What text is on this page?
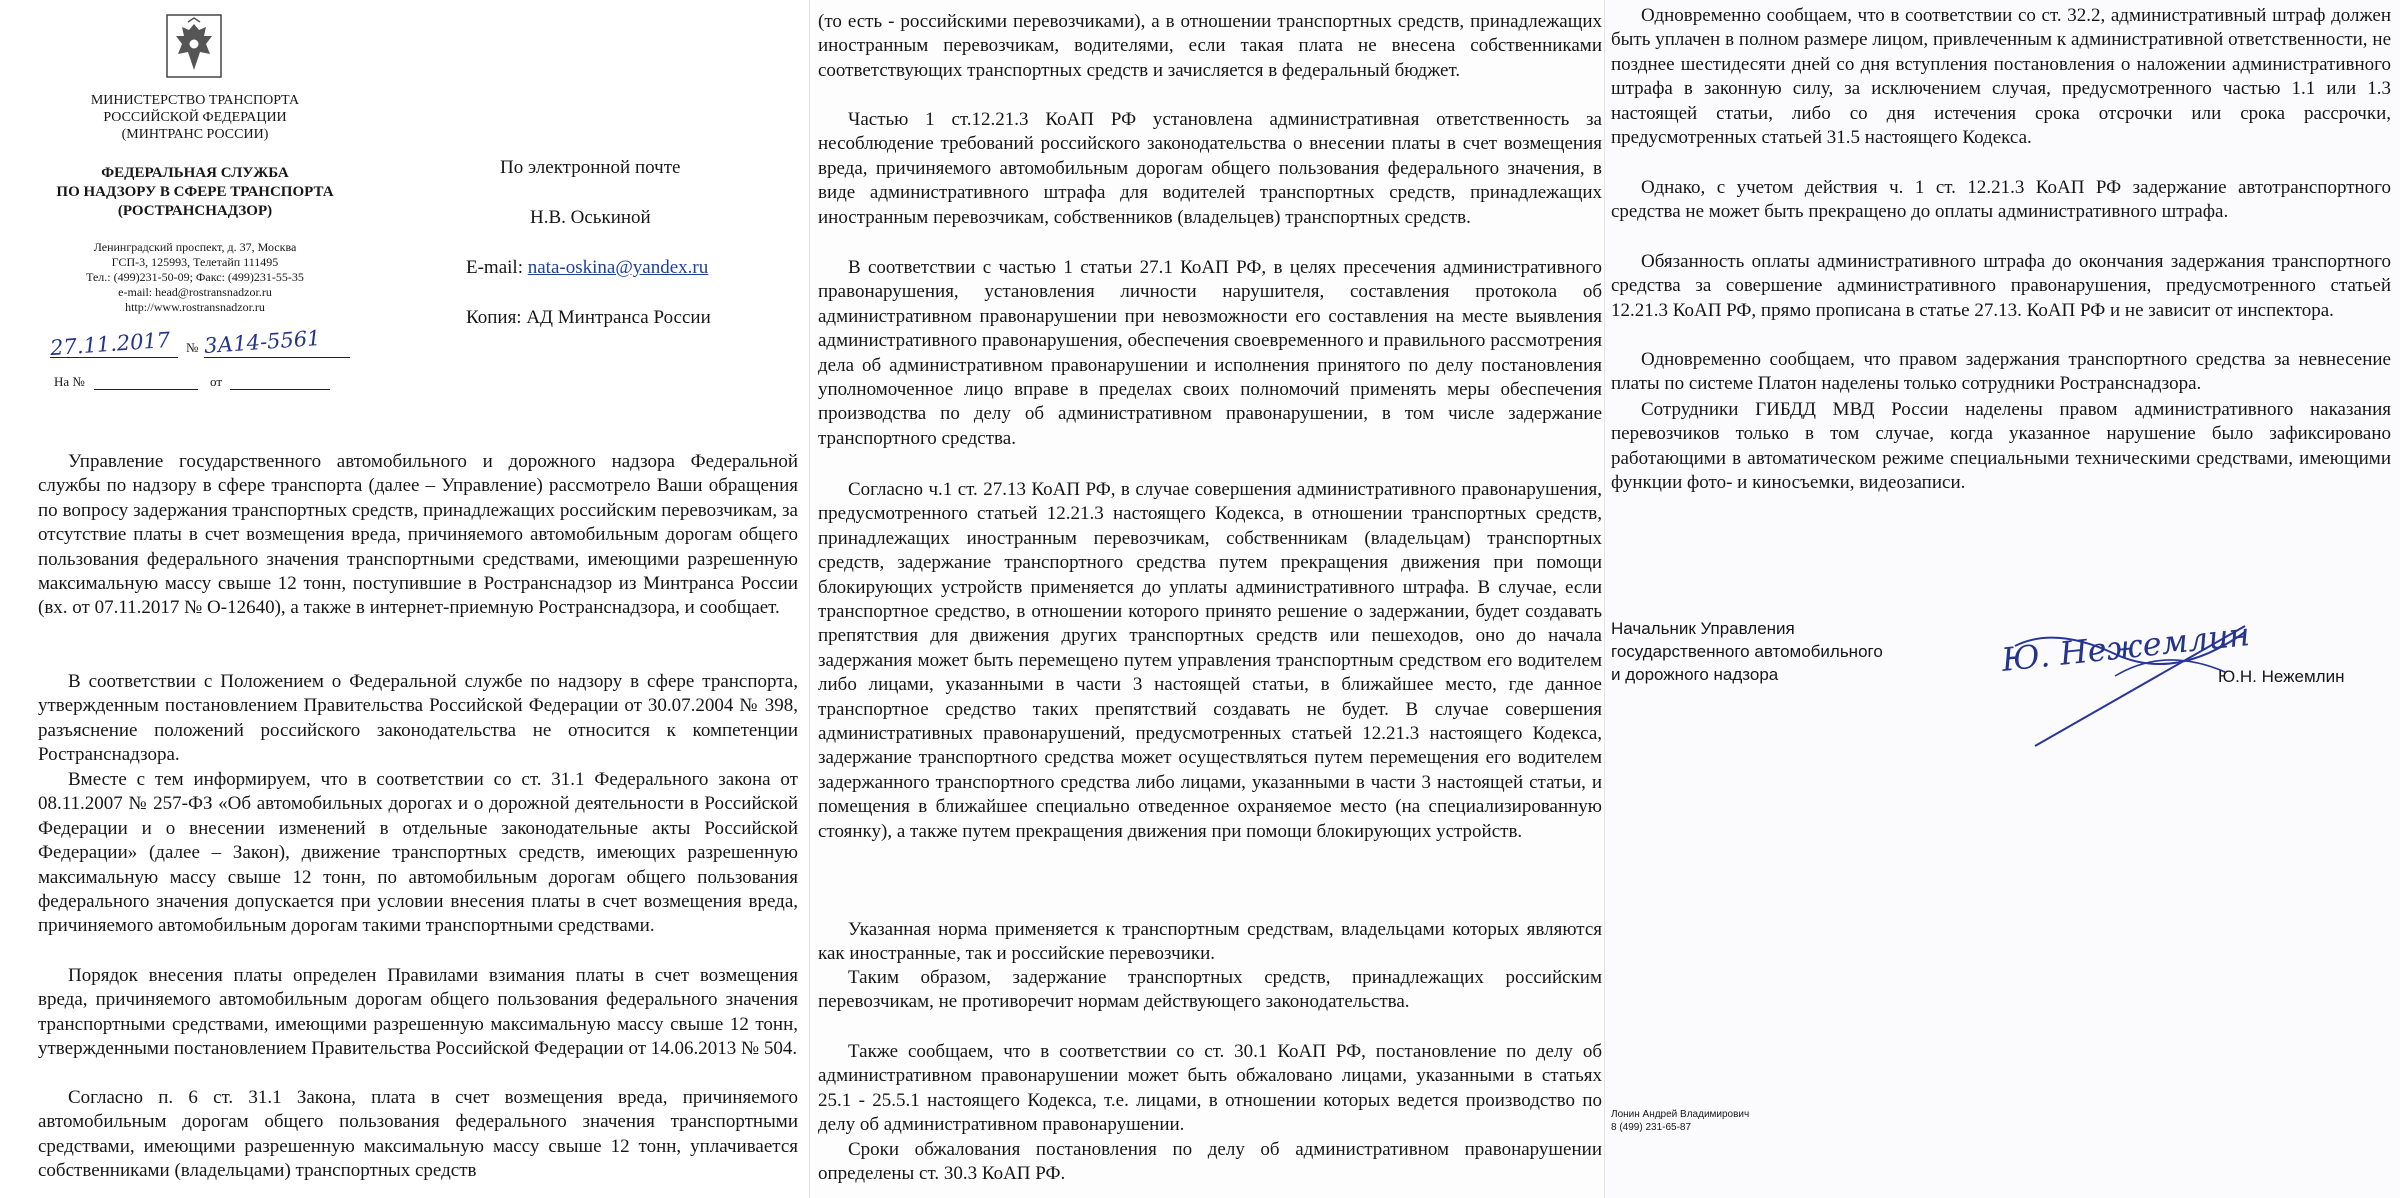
МИНИСТЕРСТВО ТРАНСПОРТА
РОССИЙСКОЙ ФЕДЕРАЦИИ
(МИНТРАНС РОССИИ)

ФЕДЕРАЛЬНАЯ СЛУЖБА
ПО НАДЗОРУ В СФЕРЕ ТРАНСПОРТА
(РОСТРАНСНАДЗОР)

Ленинградский проспект, д. 37, Москва
ГСП-3, 125993, Телетайп 111495
Тел.: (499)231-50-09; Факс: (499)231-55-35
e-mail: head@rostransnadzor.ru
http://www.rostransnadzor.ru

27.11.2017 № 3А14-5561
На №	от
По электронной почте
Н.В. Оськиной
E-mail: nata-oskina@yandex.ru
Копия: АД Минтранса России

Управление государственного автомобильного и дорожного надзора Федеральной службы по надзору в сфере транспорта (далее – Управление) рассмотрело Ваши обращения по вопросу задержания транспортных средств, принадлежащих российским перевозчикам, за отсутствие платы в счет возмещения вреда, причиняемого автомобильным дорогам общего пользования федерального значения транспортными средствами, имеющими разрешенную максимальную массу свыше 12 тонн, поступившие в Ространснадзор из Минтранса России (вх. от 07.11.2017 № О-12640), а также в интернет-приемную Ространснадзора, и сообщает.

В соответствии с Положением о Федеральной службе по надзору в сфере транспорта, утвержденным постановлением Правительства Российской Федерации от 30.07.2004 № 398, разъяснение положений российского законодательства не относится к компетенции Ространснадзора.

Вместе с тем информируем, что в соответствии со ст. 31.1 Федерального закона от 08.11.2007 № 257-ФЗ «Об автомобильных дорогах и о дорожной деятельности в Российской Федерации и о внесении изменений в отдельные законодательные акты Российской Федерации» (далее – Закон), движение транспортных средств, имеющих разрешенную максимальную массу свыше 12 тонн, по автомобильным дорогам общего пользования федерального значения допускается при условии внесения платы в счет возмещения вреда, причиняемого автомобильным дорогам такими транспортными средствами.

Порядок внесения платы определен Правилами взимания платы в счет возмещения вреда, причиняемого автомобильным дорогам общего пользования федерального значения транспортными средствами, имеющими разрешенную максимальную массу свыше 12 тонн, утвержденными постановлением Правительства Российской Федерации от 14.06.2013 № 504.

Согласно п. 6 ст. 31.1 Закона, плата в счет возмещения вреда, причиняемого автомобильным дорогам общего пользования федерального значения транспортными средствами, имеющими разрешенную максимальную массу свыше 12 тонн, уплачивается собственниками (владельцами) транспортных средств

(то есть - российскими перевозчиками), а в отношении транспортных средств, принадлежащих иностранным перевозчикам, водителями, если такая плата не внесена собственниками соответствующих транспортных средств и зачисляется в федеральный бюджет.

Частью 1 ст.12.21.3 КоАП РФ установлена административная ответственность за несоблюдение требований российского законодательства о внесении платы в счет возмещения вреда, причиняемого автомобильным дорогам общего пользования федерального значения, в виде административного штрафа для водителей транспортных средств, принадлежащих иностранным перевозчикам, собственников (владельцев) транспортных средств.

В соответствии с частью 1 статьи 27.1 КоАП РФ, в целях пресечения административного правонарушения, установления личности нарушителя, составления протокола об административном правонарушении при невозможности его составления на месте выявления административного правонарушения, обеспечения своевременного и правильного рассмотрения дела об административном правонарушении и исполнения принятого по делу постановления уполномоченное лицо вправе в пределах своих полномочий применять меры обеспечения производства по делу об административном правонарушении, в том числе задержание транспортного средства.

Согласно ч.1 ст. 27.13 КоАП РФ, в случае совершения административного правонарушения, предусмотренного статьей 12.21.3 настоящего Кодекса, в отношении транспортных средств, принадлежащих иностранным перевозчикам, собственникам (владельцам) транспортных средств, задержание транспортного средства путем прекращения движения при помощи блокирующих устройств применяется до уплаты административного штрафа. В случае, если транспортное средство, в отношении которого принято решение о задержании, будет создавать препятствия для движения других транспортных средств или пешеходов, оно до начала задержания может быть перемещено путем управления транспортным средством его водителем либо лицами, указанными в части 3 настоящей статьи, в ближайшее место, где данное транспортное средство таких препятствий создавать не будет. В случае совершения административных правонарушений, предусмотренных статьей 12.21.3 настоящего Кодекса, задержание транспортного средства может осуществляться путем перемещения его водителем задержанного транспортного средства либо лицами, указанными в части 3 настоящей статьи, и помещения в ближайшее специально отведенное охраняемое место (на специализированную стоянку), а также путем прекращения движения при помощи блокирующих устройств.

Указанная норма применяется к транспортным средствам, владельцами которых являются как иностранные, так и российские перевозчики.

Таким образом, задержание транспортных средств, принадлежащих российским перевозчикам, не противоречит нормам действующего законодательства.

Также сообщаем, что в соответствии со ст. 30.1 КоАП РФ, постановление по делу об административном правонарушении может быть обжаловано лицами, указанными в статьях 25.1 - 25.5.1 настоящего Кодекса, т.е. лицами, в отношении которых ведется производство по делу об административном правонарушении.

Сроки обжалования постановления по делу об административном правонарушении определены ст. 30.3 КоАП РФ.

Одновременно сообщаем, что в соответствии со ст. 32.2, административный штраф должен быть уплачен в полном размере лицом, привлеченным к административной ответственности, не позднее шестидесяти дней со дня вступления постановления о наложении административного штрафа в законную силу, за исключением случая, предусмотренного частью 1.1 или 1.3 настоящей статьи, либо со дня истечения срока отсрочки или срока рассрочки, предусмотренных статьей 31.5 настоящего Кодекса.

Однако, с учетом действия ч. 1 ст. 12.21.3 КоАП РФ задержание автотранспортного средства не может быть прекращено до оплаты административного штрафа.

Обязанность оплаты административного штрафа до окончания задержания транспортного средства за совершение административного правонарушения, предусмотренного статьей 12.21.3 КоАП РФ, прямо прописана в статье 27.13. КоАП РФ и не зависит от инспектора.

Одновременно сообщаем, что правом задержания транспортного средства за невнесение платы по системе Платон наделены только сотрудники Ространснадзора.

Сотрудники ГИБДД МВД России наделены правом административного наказания перевозчиков только в том случае, когда указанное нарушение было зафиксировано работающими в автоматическом режиме специальными техническими средствами, имеющими функции фото- и киносъемки, видеозаписи.

Начальник Управления
государственного автомобильного
и дорожного надзора	Ю. Нежемлин
Ю.Н. Нежемлин
Лонин Андрей Владимирович
8 (499) 231-65-87
